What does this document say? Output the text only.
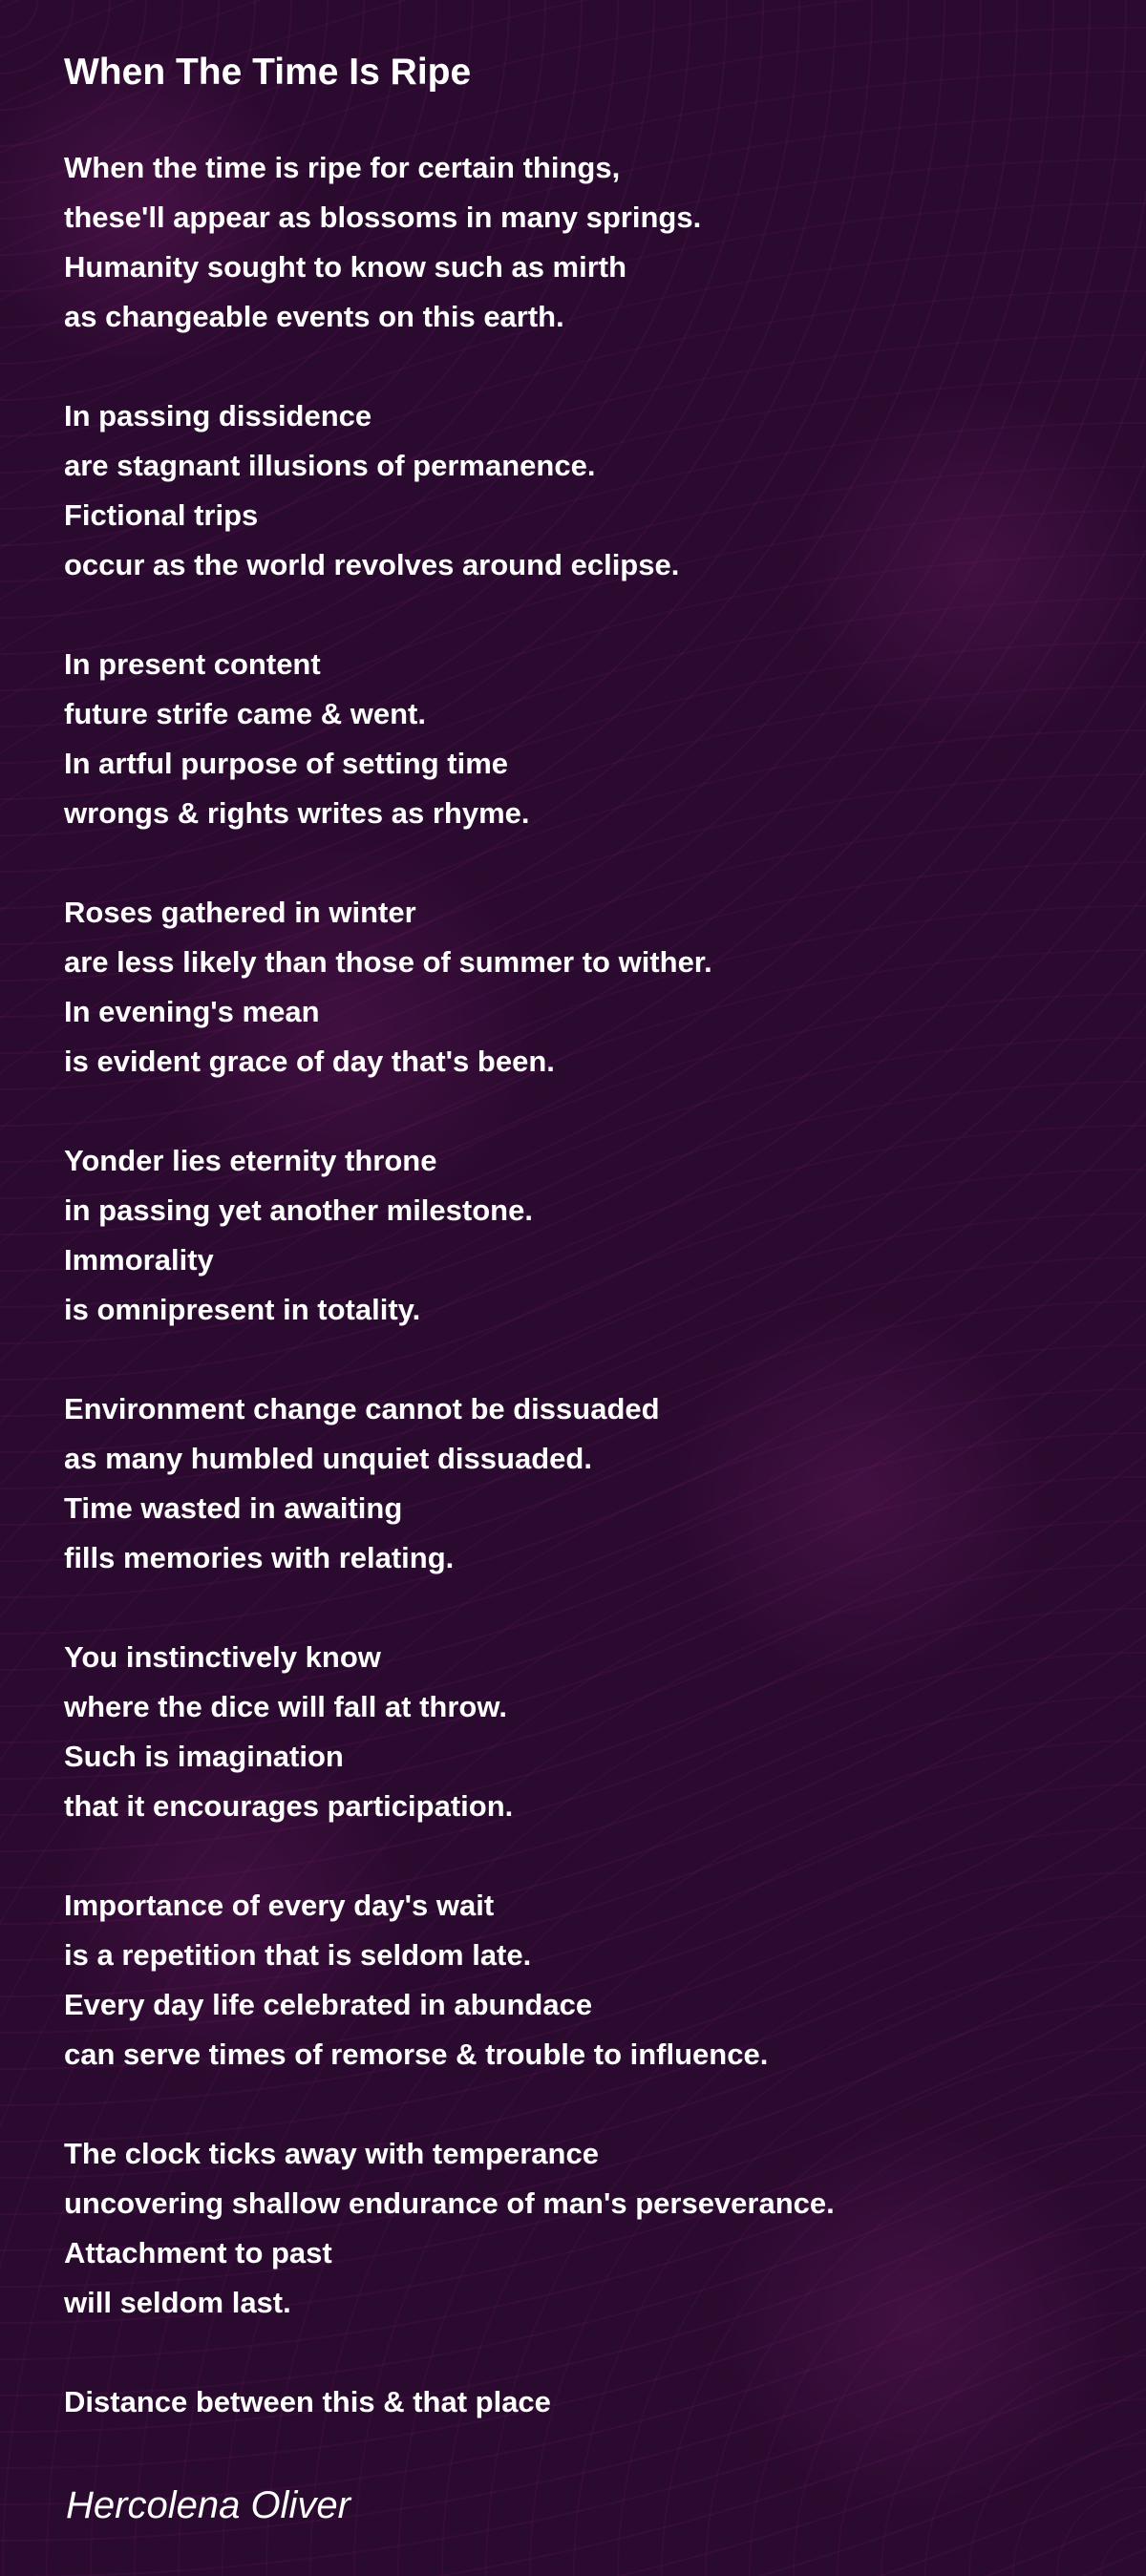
When The Time Is Ripe
When the time is ripe for certain things,
these'll appear as blossoms in many springs.
Humanity sought to know such as mirth
as changeable events on this earth.
In passing dissidence
are stagnant illusions of permanence.
Fictional trips
occur as the world revolves around eclipse.
In present content
future strife came & went.
In artful purpose of setting time
wrongs & rights writes as rhyme.
Roses gathered in winter
are less likely than those of summer to wither.
In evening's mean
is evident grace of day that's been.
Yonder lies eternity throne
in passing yet another milestone.
Immorality
is omnipresent in totality.
Environment change cannot be dissuaded
as many humbled unquiet dissuaded.
Time wasted in awaiting
fills memories with relating.
You instinctively know
where the dice will fall at throw.
Such is imagination
that it encourages participation.
Importance of every day's wait
is a repetition that is seldom late.
Every day life celebrated in abundace
can serve times of remorse & trouble to influence.
The clock ticks away with temperance
uncovering shallow endurance of man's perseverance.
Attachment to past
will seldom last.
Distance between this & that place
Hercolena Oliver
